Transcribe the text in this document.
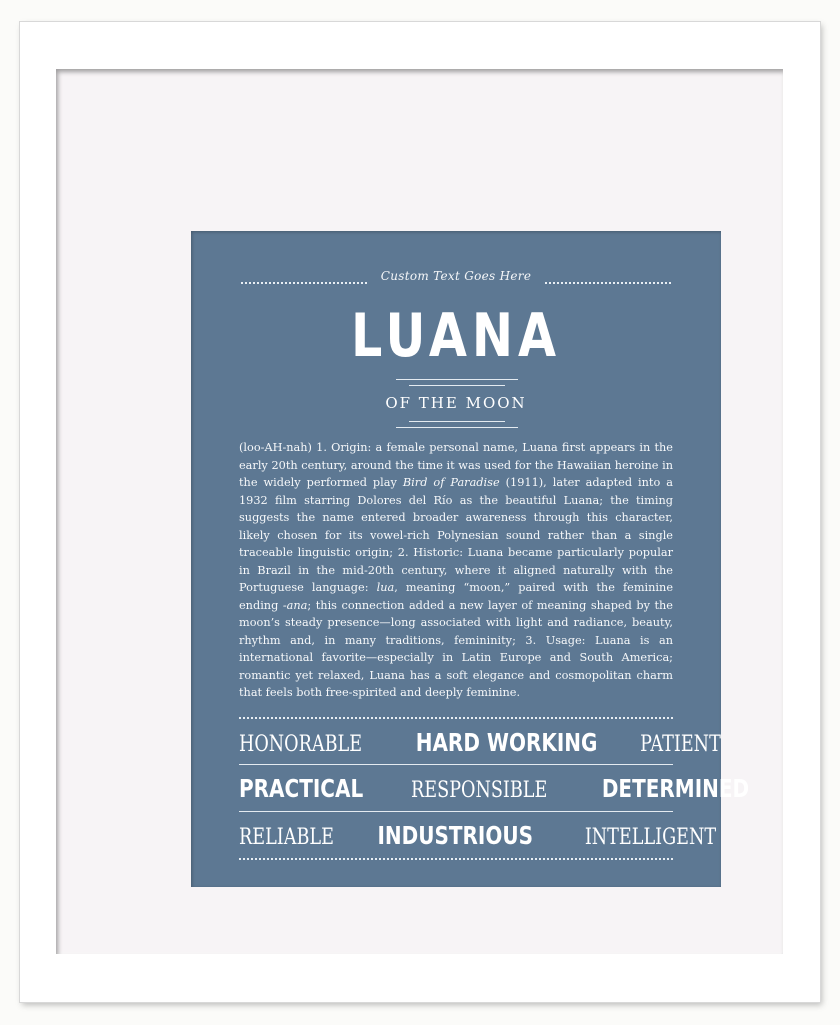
Custom Text Goes Here
LUANA
OF THE MOON
(loo-AH-nah) 1. Origin: a female personal name, Luana first appears in the early 20th century, around the time it was used for the Hawaiian heroine in the widely performed play Bird of Paradise (1911), later adapted into a 1932 film starring Dolores del Río as the beautiful Luana; the timing suggests the name entered broader awareness through this character, likely chosen for its vowel-rich Polynesian sound rather than a single traceable linguistic origin; 2. Historic: Luana became particularly popular in Brazil in the mid-20th century, where it aligned naturally with the Portuguese language: lua, meaning “moon,” paired with the feminine ending -ana; this connection added a new layer of meaning shaped by the moon’s steady presence—long associated with light and radiance, beauty, rhythm and, in many traditions, femininity; 3. Usage: Luana is an international favorite—especially in Latin Europe and South America; romantic yet relaxed, Luana has a soft elegance and cosmopolitan charm that feels both free-spirited and deeply feminine.
HONORABLE HARD WORKING PATIENT
PRACTICAL RESPONSIBLE DETERMINED
RELIABLE INDUSTRIOUS INTELLIGENT
